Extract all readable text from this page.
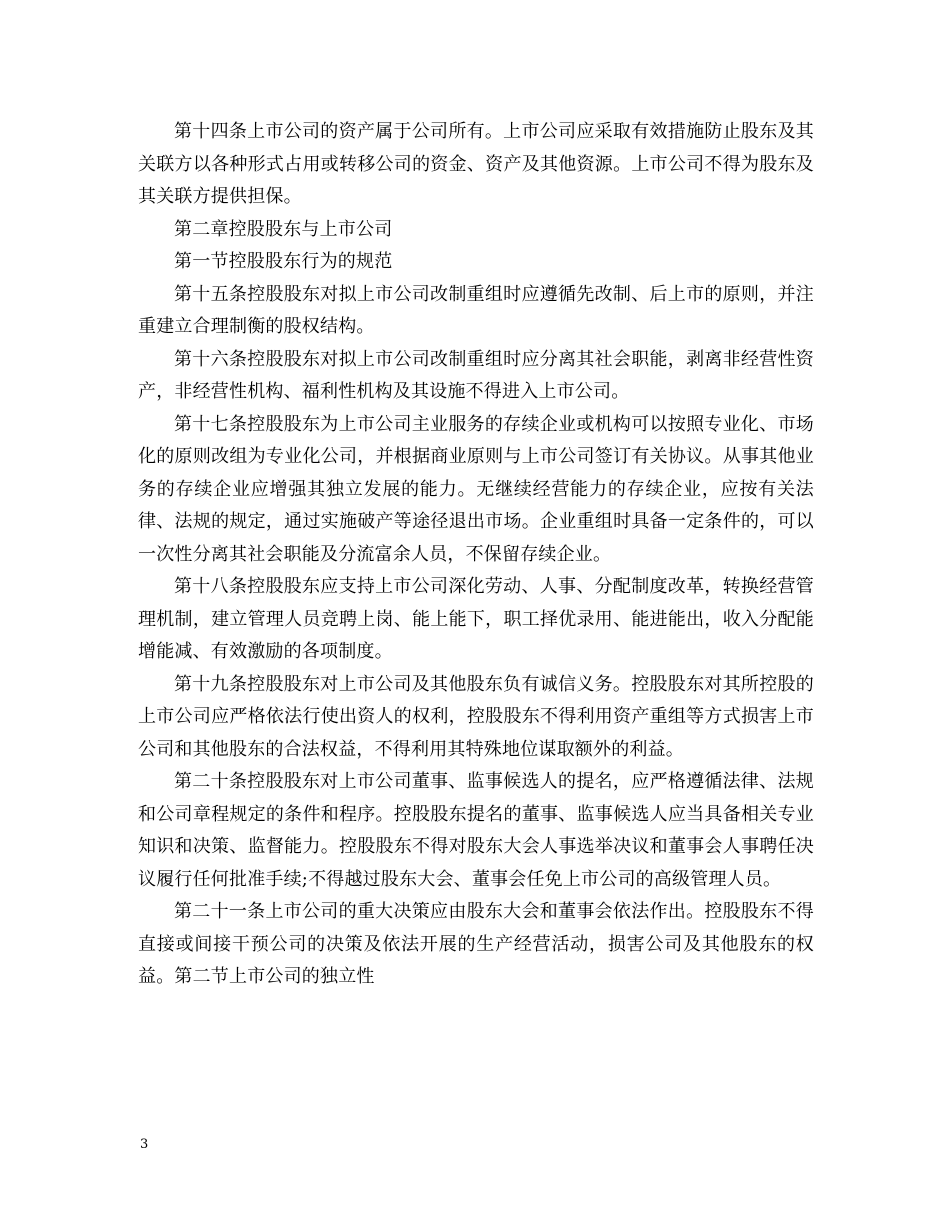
第十四条上市公司的资产属于公司所有。上市公司应采取有效措施防止股东及其关联方以各种形式占用或转移公司的资金、资产及其他资源。上市公司不得为股东及其关联方提供担保。

第二章控股股东与上市公司

第一节控股股东行为的规范

第十五条控股股东对拟上市公司改制重组时应遵循先改制、后上市的原则，并注重建立合理制衡的股权结构。

第十六条控股股东对拟上市公司改制重组时应分离其社会职能，剥离非经营性资产，非经营性机构、福利性机构及其设施不得进入上市公司。

第十七条控股股东为上市公司主业服务的存续企业或机构可以按照专业化、市场化的原则改组为专业化公司，并根据商业原则与上市公司签订有关协议。从事其他业务的存续企业应增强其独立发展的能力。无继续经营能力的存续企业，应按有关法律、法规的规定，通过实施破产等途径退出市场。企业重组时具备一定条件的，可以一次性分离其社会职能及分流富余人员，不保留存续企业。

第十八条控股股东应支持上市公司深化劳动、人事、分配制度改革，转换经营管理机制，建立管理人员竞聘上岗、能上能下，职工择优录用、能进能出，收入分配能增能减、有效激励的各项制度。

第十九条控股股东对上市公司及其他股东负有诚信义务。控股股东对其所控股的上市公司应严格依法行使出资人的权利，控股股东不得利用资产重组等方式损害上市公司和其他股东的合法权益，不得利用其特殊地位谋取额外的利益。

第二十条控股股东对上市公司董事、监事候选人的提名，应严格遵循法律、法规和公司章程规定的条件和程序。控股股东提名的董事、监事候选人应当具备相关专业知识和决策、监督能力。控股股东不得对股东大会人事选举决议和董事会人事聘任决议履行任何批准手续;不得越过股东大会、董事会任免上市公司的高级管理人员。

第二十一条上市公司的重大决策应由股东大会和董事会依法作出。控股股东不得直接或间接干预公司的决策及依法开展的生产经营活动，损害公司及其他股东的权益。第二节上市公司的独立性

3
